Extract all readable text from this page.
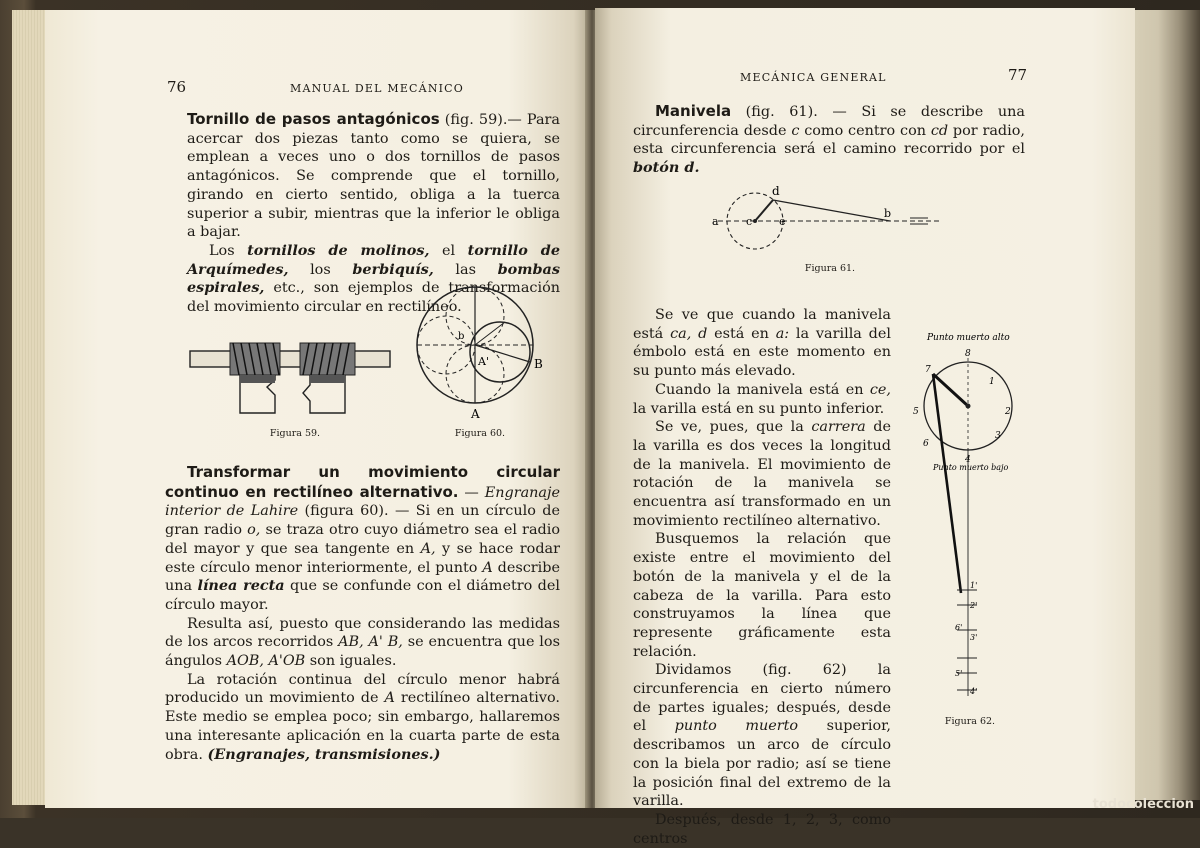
76	MANUAL DEL MECÁNICO

Tornillo de pasos antagónicos (fig. 59).— Para acercar dos piezas tanto como se quiera, se emplean a veces uno o dos tornillos de pasos antagónicos. Se comprende que el tornillo, girando en cierto sentido, obliga a la tuerca superior a subir, mientras que la inferior le obliga a bajar.

Los tornillos de molinos, el tornillo de Arquímedes, los berbiquís, las bombas espirales, etc., son ejemplos de transformación del movimiento circular en rectilíneo.

Figura 59.
b
A'	B
A
Figura 60.

Transformar un movimiento circular continuo en rectilíneo alternativo. — Engranaje interior de Lahire (figura 60). — Si en un círculo de gran radio o, se traza otro cuyo diámetro sea el radio del mayor y que sea tangente en A, y se hace rodar este círculo menor interiormente, el punto A describe una línea recta que se confunde con el diámetro del círculo mayor.

Resulta así, puesto que considerando las medidas de los arcos recorridos AB, A' B, se encuentra que los ángulos AOB, A'OB son iguales.

La rotación continua del círculo menor habrá producido un movimiento de A rectilíneo alternativo. Este medio se emplea poco; sin embargo, hallaremos una interesante aplicación en la cuarta parte de esta obra. (Engranajes, transmisiones.)

MECÁNICA GENERAL	77

Manivela (fig. 61). — Si se describe una circunferencia desde c como centro con cd por radio, esta circunferencia será el camino recorrido por el botón d.

d
a c e
b
Figura 61.

Se ve que cuando la manivela está ca, d está en a: la varilla del émbolo está en este momento en su punto más elevado.

Cuando la manivela está en ce, la varilla está en su punto inferior.

Se ve, pues, que la carrera de la varilla es dos veces la longitud de la manivela. El movimiento de rotación de la manivela se encuentra así transformado en un movimiento rectilíneo alternativo.

Busquemos la relación que existe entre el movimiento del botón de la manivela y el de la cabeza de la varilla. Para esto construyamos la línea que represente gráficamente esta relación.

Dividamos (fig. 62) la circunferencia en cierto número de partes iguales; después, desde el punto muerto superior, describamos un arco de círculo con la biela por radio; así se tiene la posición final del extremo de la varilla.

Después, desde 1, 2, 3, como centros

Punto muerto alto
8
1
2
3
4
5
6
7
Punto muerto bajo
1'
2'
3'
4'
5'
6'
Figura 62.
todocoleccion
